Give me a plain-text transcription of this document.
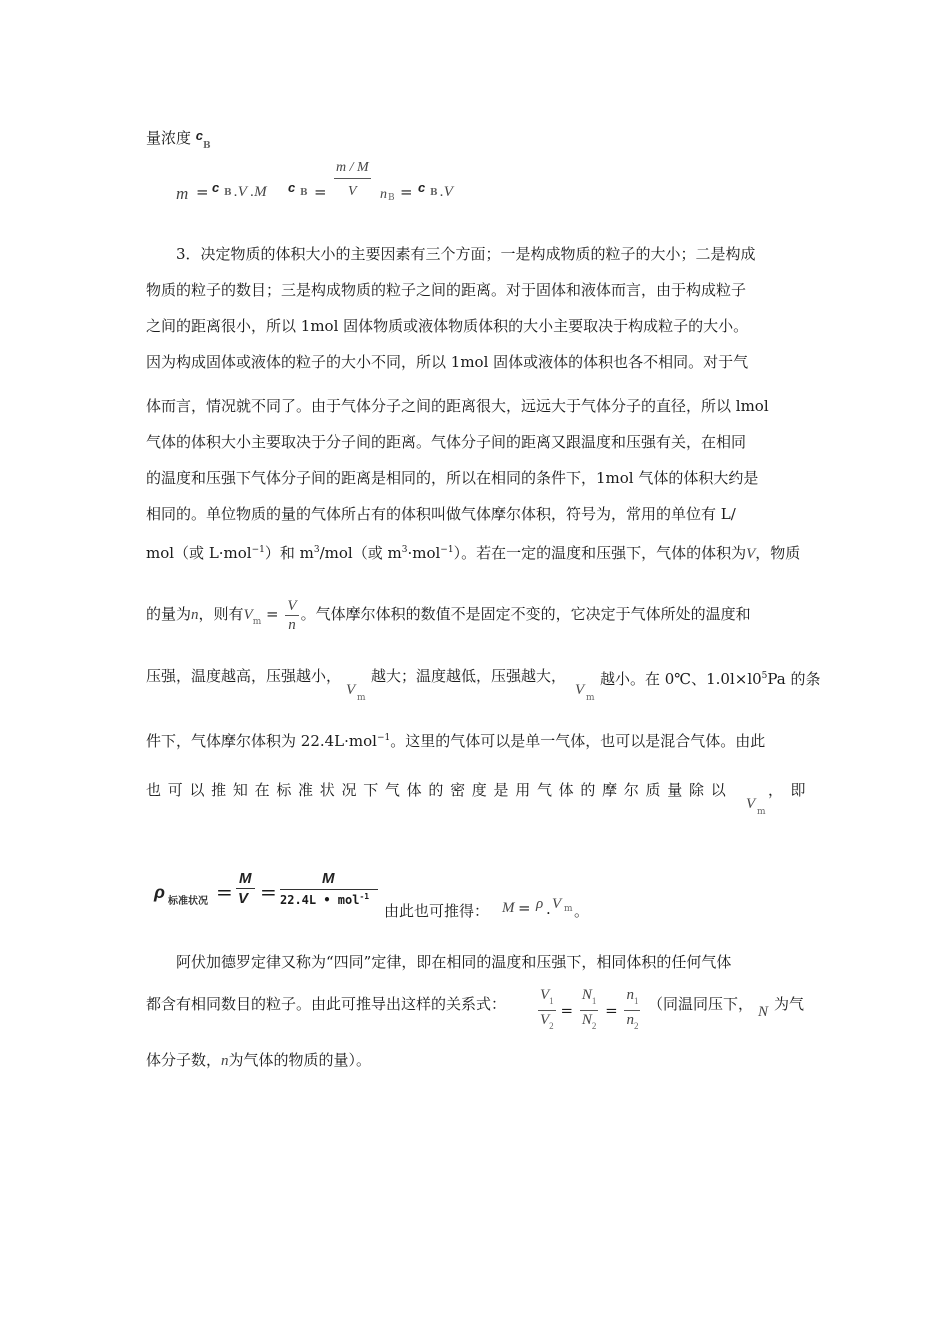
量浓度 $c_B$
m = c B .V .M c B =
m / M
V n B = c B .V
3．决定物质的体积大小的主要因素有三个方面；一是构成物质的粒子的大小；二是构成
物质的粒子的数目；三是构成物质的粒子之间的距离。对于固体和液体而言，由于构成粒子
之间的距离很小，所以 1mol 固体物质或液体物质体积的大小主要取决于构成粒子的大小。
因为构成固体或液体的粒子的大小不同，所以 1mol 固体或液体的体积也各不相同。对于气
体而言，情况就不同了。由于气体分子之间的距离很大，远远大于气体分子的直径，所以 lmol
气体的体积大小主要取决于分子间的距离。气体分子间的距离又跟温度和压强有关，在相同
的温度和压强下气体分子间的距离是相同的，所以在相同的条件下，1mol 气体的体积大约是
相同的。单位物质的量的气体所占有的体积叫做气体摩尔体积，符号为，常用的单位有 L/
mol（或 L·mol$^{-1}$）和 $m^3/mol$（或 $m^3\cdot mol^{-1}$）。若在一定的温度和压强下，气体的体积为V，物质
的量为n，则有$V_m = \frac{V}{n}$ 。气体摩尔体积的数值不是固定不变的，它决定于气体所处的温度和
压强，温度越高，压强越小，
V m
越大；温度越低，压强越大，
V m
越小。在 0℃、$1.0l\times l0^5Pa$ 的条
件下，气体摩尔体积为 22.4L·mol$^{-1}$。这里的气体可以是单一气体，也可以是混合气体。由此
也 可 以 推 知 在 标 准 状 况 下 气 体 的 密 度 是 用 气 体 的 摩 尔 质 量 除 以
V m
，　即
ρ 标准状况 =
M
V =
M
22.4L • mol$^{-1}$
由此也可推得： M = ρ . V m 。
阿伏加德罗定律又称为“四同”定律，即在相同的温度和压强下，相同体积的任何气体
都含有相同数目的粒子。由此可推导出这样的关系式： $\frac{V_1}{V_2} = \frac{N_1}{N_2} = \frac{n_1}{n_2}$ （同温同压下， N 为气
体分子数，n为气体的物质的量）。
